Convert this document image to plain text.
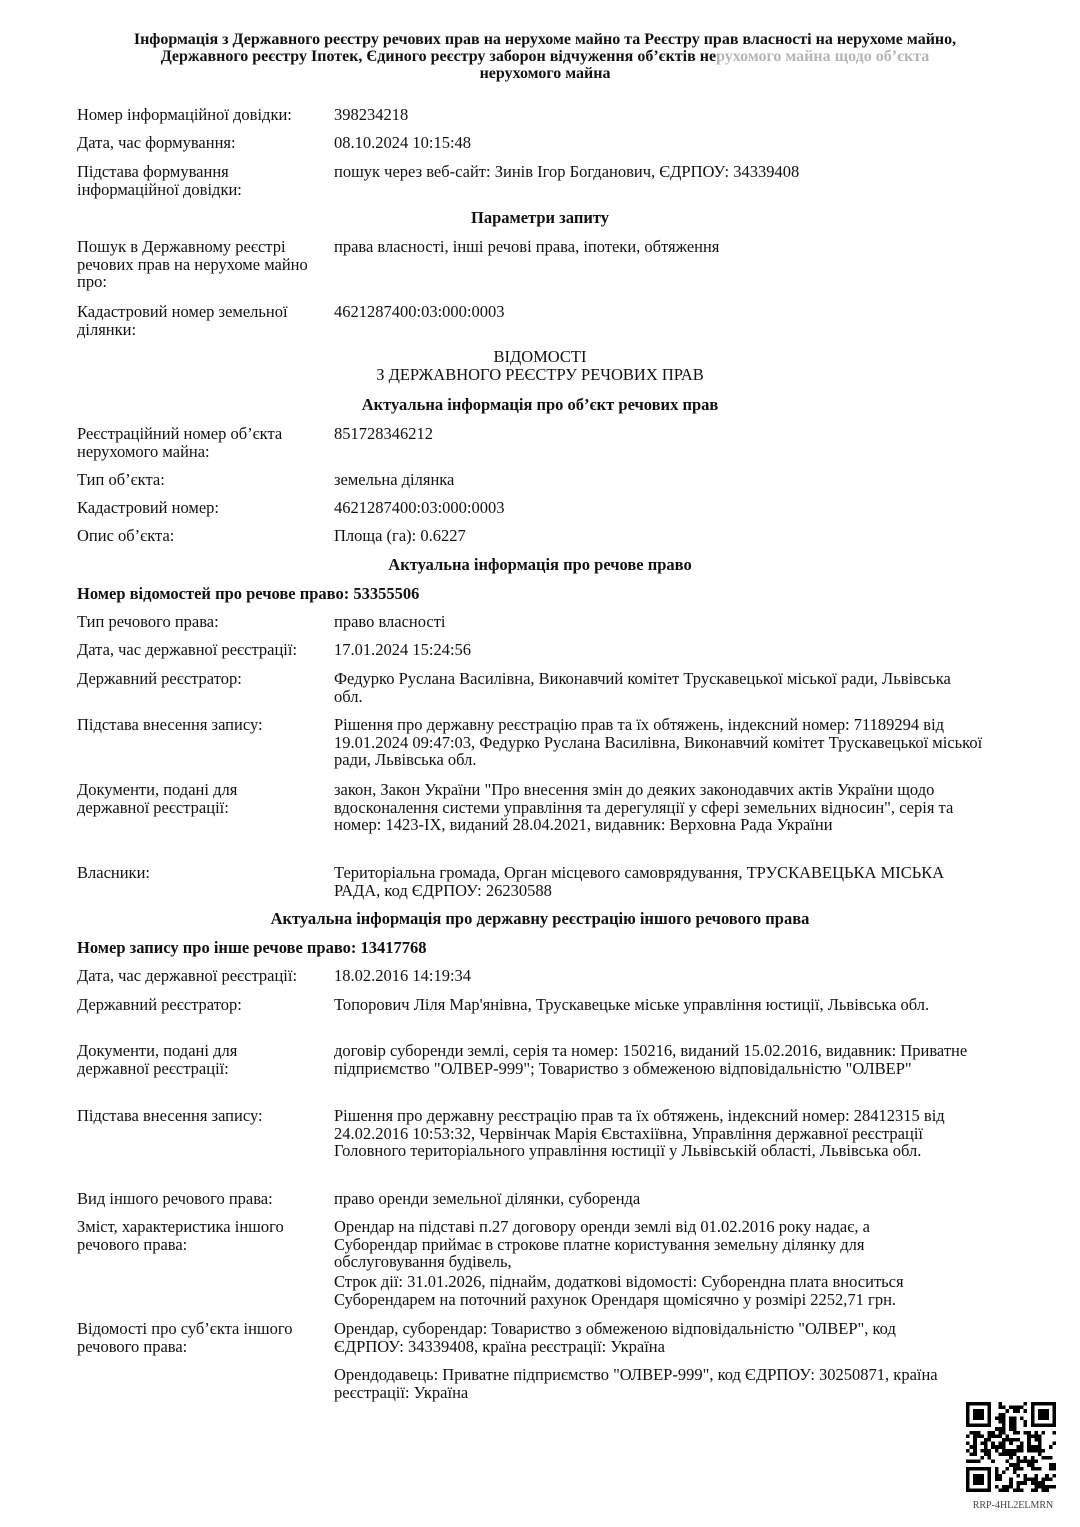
Інформація з Державного реєстру речових прав на нерухоме майно та Реєстру прав власності на нерухоме майно,
Державного реєстру Іпотек, Єдиного реєстру заборон відчуження об’єктів нерухомого майна щодо об’єкта
нерухомого майна
Номер інформаційної довідки:	398234218
Дата, час формування:	08.10.2024 10:15:48
Підстава формування інформаційної довідки:
пошук через веб-сайт: Зинів Ігор Богданович, ЄДРПОУ: 34339408
Параметри запиту
Пошук в Державному реєстрі речових прав на нерухоме майно про:
права власності, інші речові права, іпотеки, обтяження
Кадастровий номер земельної ділянки:
4621287400:03:000:0003
ВІДОМОСТІ
З ДЕРЖАВНОГО РЕЄСТРУ РЕЧОВИХ ПРАВ
Актуальна інформація про об’єкт речових прав
Реєстраційний номер об’єкта нерухомого майна:
851728346212
Тип об’єкта:	земельна ділянка
Кадастровий номер:	4621287400:03:000:0003
Опис об’єкта:	Площа (га): 0.6227
Актуальна інформація про речове право
Номер відомостей про речове право: 53355506
Тип речового права:	право власності
Дата, час державної реєстрації:	17.01.2024 15:24:56
Державний реєстратор:	Федурко Руслана Василівна, Виконавчий комітет Трускавецької міської ради, Львівська обл.
Підстава внесення запису:	Рішення про державну реєстрацію прав та їх обтяжень, індексний номер: 71189294 від 19.01.2024 09:47:03, Федурко Руслана Василівна, Виконавчий комітет Трускавецької міської ради, Львівська обл.
Документи, подані для державної реєстрації:
закон, Закон України "Про внесення змін до деяких законодавчих актів України щодо вдосконалення системи управління та дерегуляції у сфері земельних відносин", серія та номер: 1423-IX, виданий 28.04.2021, видавник: Верховна Рада України
Власники:	Територіальна громада, Орган місцевого самоврядування, ТРУСКАВЕЦЬКА МІСЬКА РАДА, код ЄДРПОУ: 26230588
Актуальна інформація про державну реєстрацію іншого речового права
Номер запису про інше речове право: 13417768
Дата, час державної реєстрації:	18.02.2016 14:19:34
Державний реєстратор:	Топорович Ліля Мар'янівна, Трускавецьке міське управління юстиції, Львівська обл.
Документи, подані для державної реєстрації:
договір суборенди землі, серія та номер: 150216, виданий 15.02.2016, видавник: Приватне підприємство "ОЛВЕР-999"; Товариство з обмеженою відповідальністю "ОЛВЕР"
Підстава внесення запису:	Рішення про державну реєстрацію прав та їх обтяжень, індексний номер: 28412315 від 24.02.2016 10:53:32, Червінчак Марія Євстахіївна, Управління державної реєстрації Головного територіального управління юстиції у Львівській області, Львівська обл.
Вид іншого речового права:	право оренди земельної ділянки, суборенда
Зміст, характеристика іншого речового права:
Орендар на підставі п.27 договору оренди землі від 01.02.2016 року надає, а Суборендар приймає в строкове платне користування земельну ділянку для обслуговування будівель,
Строк дії: 31.01.2026, піднайм, додаткові відомості: Суборендна плата вноситься Суборендарем на поточний рахунок Орендаря щомісячно у розмірі 2252,71 грн.
Відомості про суб’єкта іншого речового права:
Орендар, суборендар: Товариство з обмеженою відповідальністю "ОЛВЕР", код ЄДРПОУ: 34339408, країна реєстрації: Україна
Орендодавець: Приватне підприємство "ОЛВЕР-999", код ЄДРПОУ: 30250871, країна реєстрації: Україна
RRP-4HL2ELMRN
